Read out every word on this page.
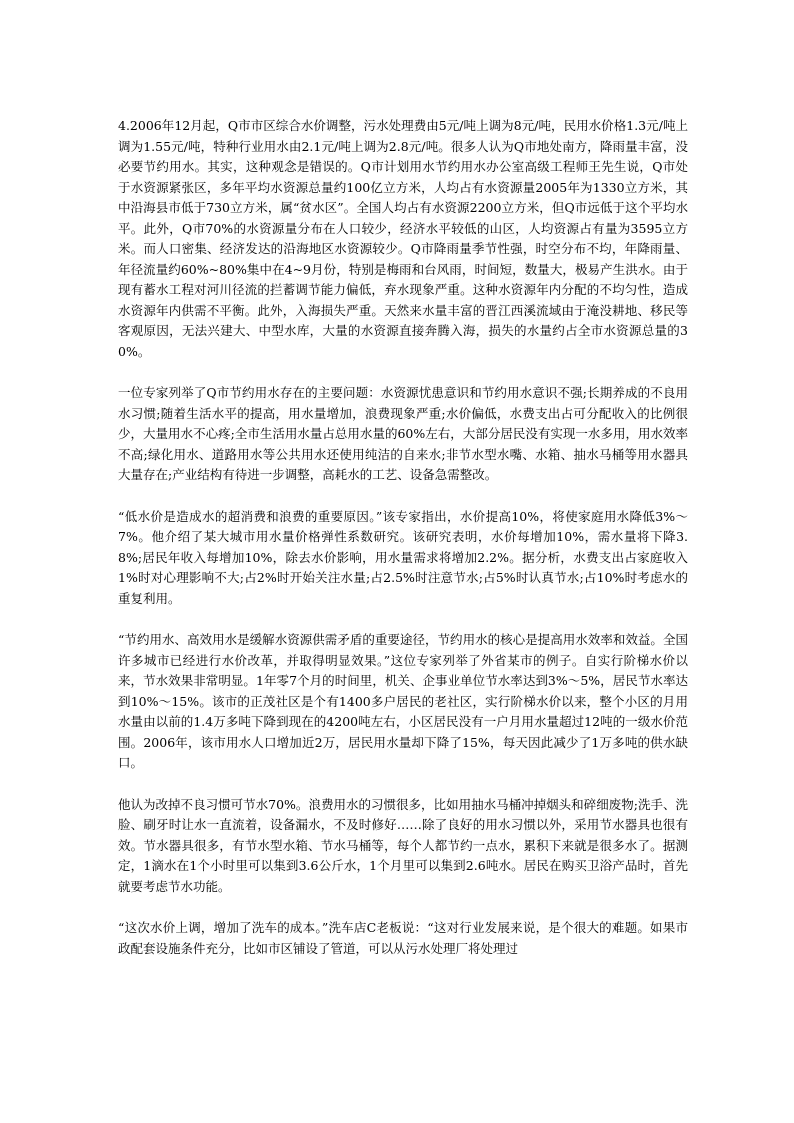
4.2006年12月起，Q市市区综合水价调整，污水处理费由5元/吨上调为8元/吨，民用水价格1.3元/吨上调为1.55元/吨，特种行业用水由2.1元/吨上调为2.8元/吨。很多人认为Q市地处南方，降雨量丰富，没必要节约用水。其实，这种观念是错误的。Q市计划用水节约用水办公室高级工程师王先生说，Q市处于水资源紧张区，多年平均水资源总量约100亿立方米，人均占有水资源量2005年为1330立方米，其中沿海县市低于730立方米，属“贫水区”。全国人均占有水资源2200立方米，但Q市远低于这个平均水平。此外，Q市70%的水资源量分布在人口较少，经济水平较低的山区，人均资源占有量为3595立方米。而人口密集、经济发达的沿海地区水资源较少。Q市降雨量季节性强，时空分布不均，年降雨量、年径流量约60%~80%集中在4~9月份，特别是梅雨和台风雨，时间短，数量大，极易产生洪水。由于现有蓄水工程对河川径流的拦蓄调节能力偏低，弃水现象严重。这种水资源年内分配的不均匀性，造成水资源年内供需不平衡。此外，入海损失严重。天然来水量丰富的晋江西溪流域由于淹没耕地、移民等客观原因，无法兴建大、中型水库，大量的水资源直接奔腾入海，损失的水量约占全市水资源总量的30%。

一位专家列举了Q市节约用水存在的主要问题：水资源忧患意识和节约用水意识不强;长期养成的不良用水习惯;随着生活水平的提高，用水量增加，浪费现象严重;水价偏低，水费支出占可分配收入的比例很少，大量用水不心疼;全市生活用水量占总用水量的60%左右，大部分居民没有实现一水多用，用水效率不高;绿化用水、道路用水等公共用水还使用纯洁的自来水;非节水型水嘴、水箱、抽水马桶等用水器具大量存在;产业结构有待进一步调整，高耗水的工艺、设备急需整改。

“低水价是造成水的超消费和浪费的重要原因。”该专家指出，水价提高10%，将使家庭用水降低3%～7%。他介绍了某大城市用水量价格弹性系数研究。该研究表明，水价每增加10%，需水量将下降3.8%;居民年收入每增加10%，除去水价影响，用水量需求将增加2.2%。据分析，水费支出占家庭收入1%时对心理影响不大;占2%时开始关注水量;占2.5%时注意节水;占5%时认真节水;占10%时考虑水的重复利用。

“节约用水、高效用水是缓解水资源供需矛盾的重要途径，节约用水的核心是提高用水效率和效益。全国许多城市已经进行水价改革，并取得明显效果。”这位专家列举了外省某市的例子。自实行阶梯水价以来，节水效果非常明显。1年零7个月的时间里，机关、企事业单位节水率达到3%～5%，居民节水率达到10%～15%。该市的正茂社区是个有1400多户居民的老社区，实行阶梯水价以来，整个小区的月用水量由以前的1.4万多吨下降到现在的4200吨左右，小区居民没有一户月用水量超过12吨的一级水价范围。2006年，该市用水人口增加近2万，居民用水量却下降了15%，每天因此减少了1万多吨的供水缺口。

他认为改掉不良习惯可节水70%。浪费用水的习惯很多，比如用抽水马桶冲掉烟头和碎细废物;洗手、洗脸、刷牙时让水一直流着，设备漏水，不及时修好……除了良好的用水习惯以外，采用节水器具也很有效。节水器具很多，有节水型水箱、节水马桶等，每个人都节约一点水，累积下来就是很多水了。据测定，1滴水在1个小时里可以集到3.6公斤水，1个月里可以集到2.6吨水。居民在购买卫浴产品时，首先就要考虑节水功能。

“这次水价上调，增加了洗车的成本。”洗车店C老板说：“这对行业发展来说，是个很大的难题。如果市政配套设施条件充分，比如市区铺设了管道，可以从污水处理厂将处理过
